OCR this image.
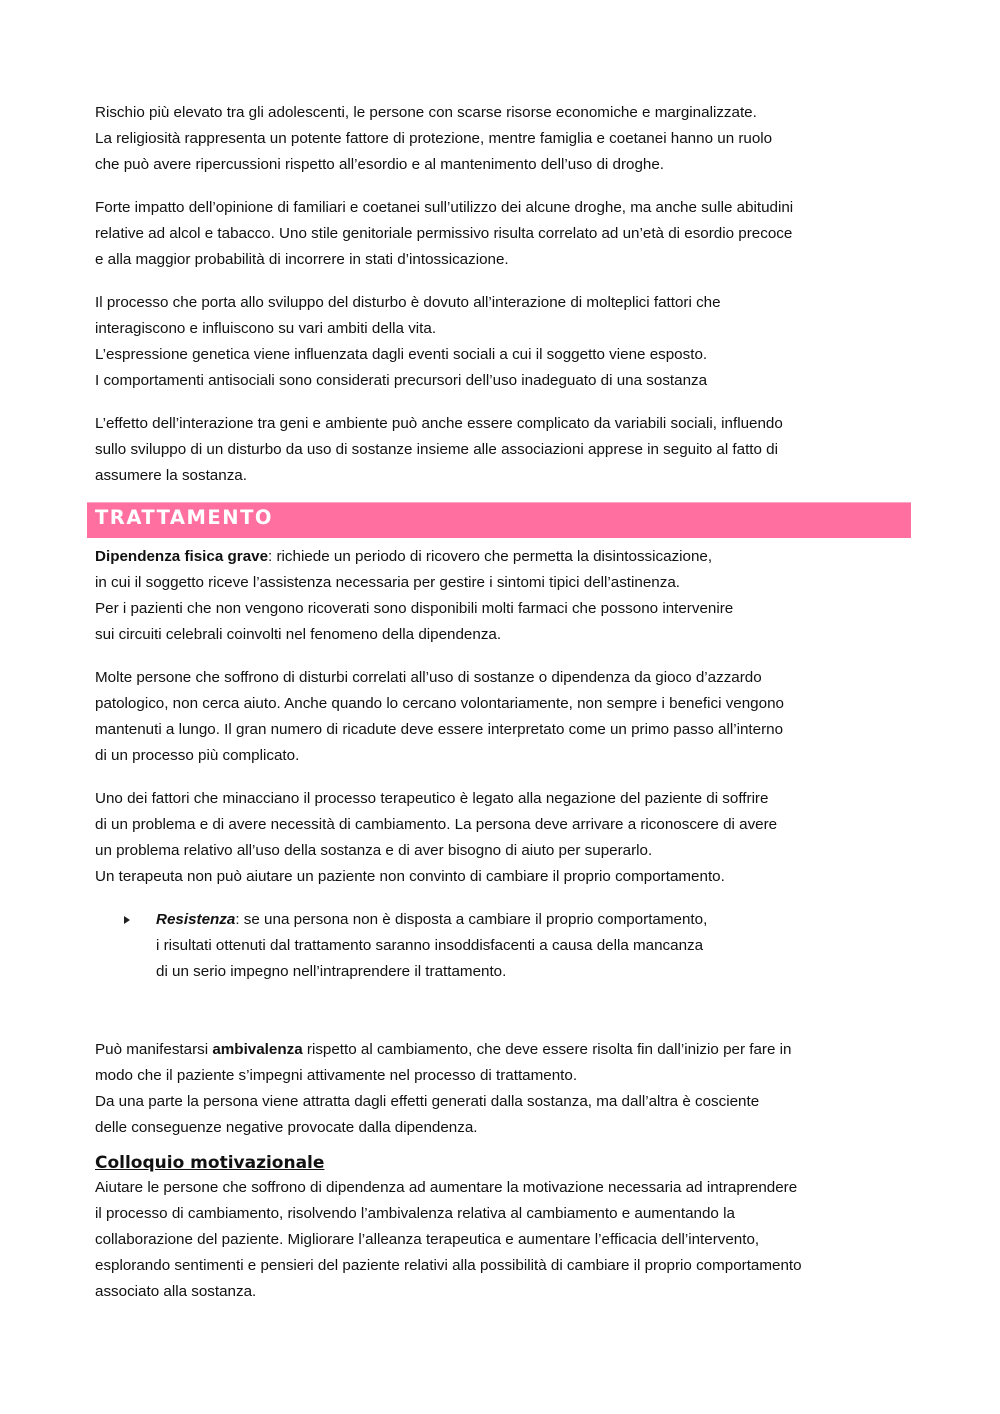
Rischio più elevato tra gli adolescenti, le persone con scarse risorse economiche e marginalizzate.
La religiosità rappresenta un potente fattore di protezione, mentre famiglia e coetanei hanno un ruolo
che può avere ripercussioni rispetto all’esordio e al mantenimento dell’uso di droghe.

Forte impatto dell’opinione di familiari e coetanei sull’utilizzo dei alcune droghe, ma anche sulle abitudini
relative ad alcol e tabacco. Uno stile genitoriale permissivo risulta correlato ad un’età di esordio precoce
e alla maggior probabilità di incorrere in stati d’intossicazione.

Il processo che porta allo sviluppo del disturbo è dovuto all’interazione di molteplici fattori che
interagiscono e influiscono su vari ambiti della vita.
L’espressione genetica viene influenzata dagli eventi sociali a cui il soggetto viene esposto.
I comportamenti antisociali sono considerati precursori dell’uso inadeguato di una sostanza

L’effetto dell’interazione tra geni e ambiente può anche essere complicato da variabili sociali, influendo
sullo sviluppo di un disturbo da uso di sostanze insieme alle associazioni apprese in seguito al fatto di
assumere la sostanza.

TRATTAMENTO

Dipendenza fisica grave: richiede un periodo di ricovero che permetta la disintossicazione,
in cui il soggetto riceve l’assistenza necessaria per gestire i sintomi tipici dell’astinenza.
Per i pazienti che non vengono ricoverati sono disponibili molti farmaci che possono intervenire
sui circuiti celebrali coinvolti nel fenomeno della dipendenza.

Molte persone che soffrono di disturbi correlati all’uso di sostanze o dipendenza da gioco d’azzardo
patologico, non cerca aiuto. Anche quando lo cercano volontariamente, non sempre i benefici vengono
mantenuti a lungo. Il gran numero di ricadute deve essere interpretato come un primo passo all’interno
di un processo più complicato.

Uno dei fattori che minacciano il processo terapeutico è legato alla negazione del paziente di soffrire
di un problema e di avere necessità di cambiamento. La persona deve arrivare a riconoscere di avere
un problema relativo all’uso della sostanza e di aver bisogno di aiuto per superarlo.
Un terapeuta non può aiutare un paziente non convinto di cambiare il proprio comportamento.

Resistenza: se una persona non è disposta a cambiare il proprio comportamento,
i risultati ottenuti dal trattamento saranno insoddisfacenti a causa della mancanza
di un serio impegno nell’intraprendere il trattamento.

Può manifestarsi ambivalenza rispetto al cambiamento, che deve essere risolta fin dall’inizio per fare in
modo che il paziente s’impegni attivamente nel processo di trattamento.
Da una parte la persona viene attratta dagli effetti generati dalla sostanza, ma dall’altra è cosciente
delle conseguenze negative provocate dalla dipendenza.

Colloquio motivazionale

Aiutare le persone che soffrono di dipendenza ad aumentare la motivazione necessaria ad intraprendere
il processo di cambiamento, risolvendo l’ambivalenza relativa al cambiamento e aumentando la
collaborazione del paziente. Migliorare l’alleanza terapeutica e aumentare l’efficacia dell’intervento,
esplorando sentimenti e pensieri del paziente relativi alla possibilità di cambiare il proprio comportamento
associato alla sostanza.
